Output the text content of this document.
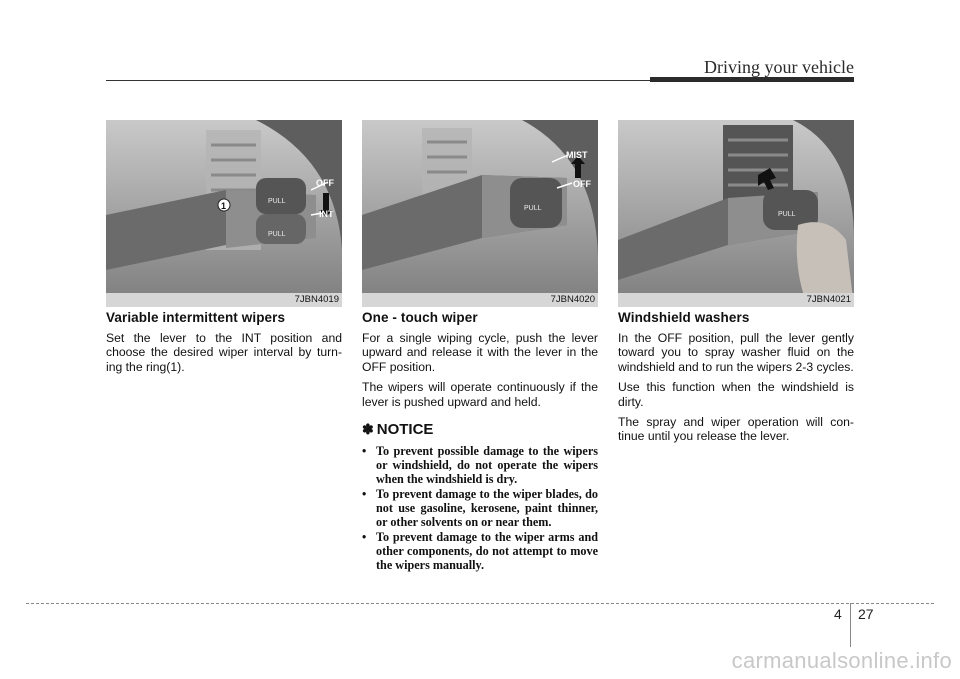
Driving your vehicle
PULL
PULL
1
OFF
INT
7JBN4019
PULL
MIST
OFF
7JBN4020
PULL
7JBN4021
Variable intermittent wipers

Set the lever to the INT position and choose the desired wiper interval by turn-ing the ring(1).

One - touch wiper

For a single wiping cycle, push the lever upward and release it with the lever in the OFF position.

The wipers will operate continuously if the lever is pushed upward and held.

✽ NOTICE
• To prevent possible damage to the wipers or windshield, do not operate the wipers when the windshield is dry.
• To prevent damage to the wiper blades, do not use gasoline, kerosene, paint thinner, or other solvents on or near them.
• To prevent damage to the wiper arms and other components, do not attempt to move the wipers manually.
Windshield washers

In the OFF position, pull the lever gently toward you to spray washer fluid on the windshield and to run the wipers 2-3 cycles.

Use this function when the windshield is dirty.

The spray and wiper operation will con-tinue until you release the lever.

4 27
carmanualsonline.info
